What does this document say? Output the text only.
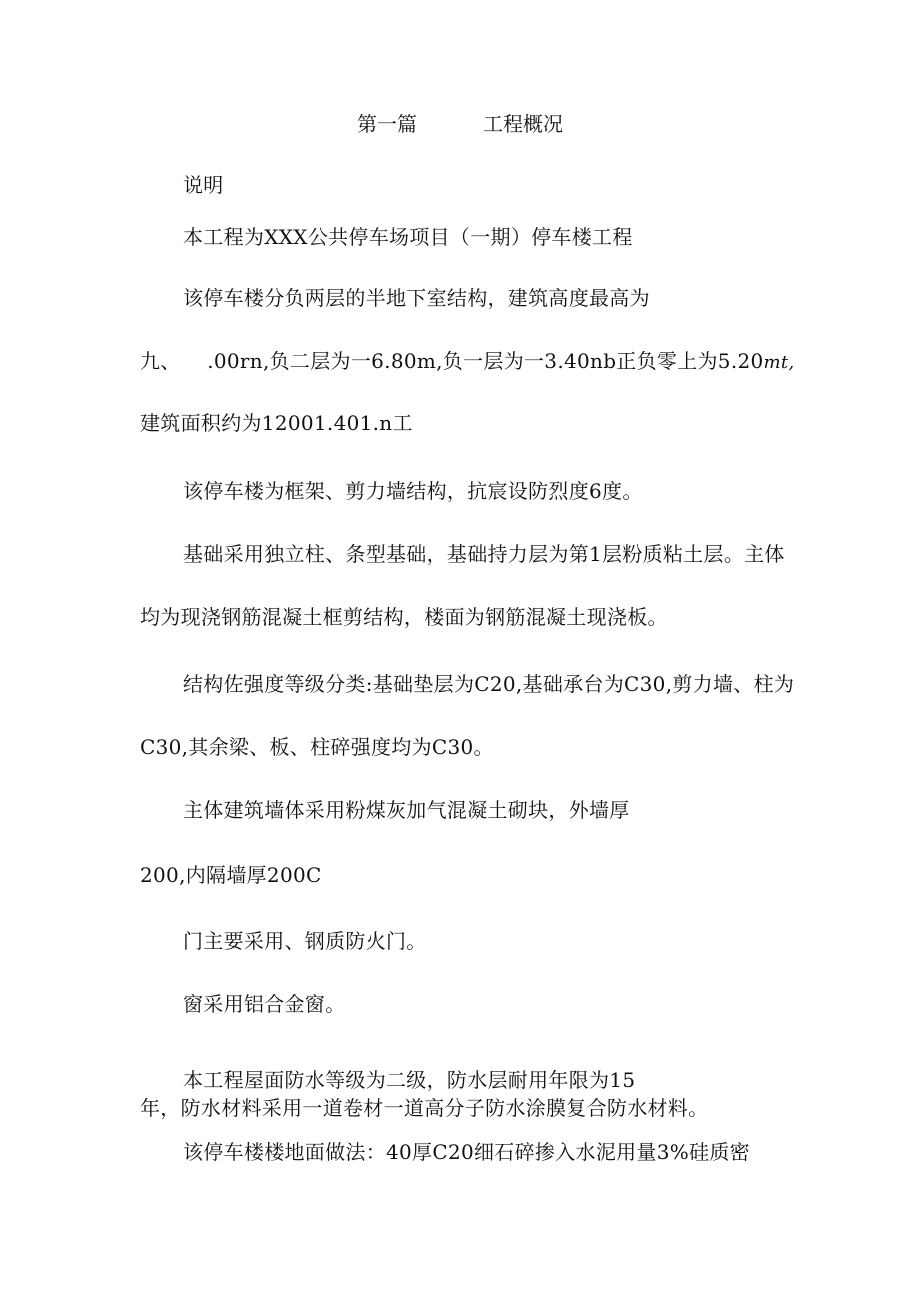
第一篇	工程概况
说明
本工程为XXX公共停车场项目（一期）停车楼工程
该停车楼分负两层的半地下室结构，建筑高度最高为
九、    .00rn,负二层为一6.80m,负一层为一3.40nb正负零上为5.20mt,
建筑面积约为12001.401.n工
该停车楼为框架、剪力墙结构，抗宸设防烈度6度。
基础采用独立柱、条型基础，基础持力层为第1层粉质粘土层。主体
均为现浇钢筋混凝土框剪结构，楼面为钢筋混凝土现浇板。
结构佐强度等级分类:基础垫层为C20,基础承台为C30,剪力墙、柱为
C30,其余梁、板、柱碎强度均为C30。
主体建筑墙体采用粉煤灰加气混凝土砌块，外墙厚
200,内隔墙厚200C
门主要采用、钢质防火门。
窗采用铝合金窗。
本工程屋面防水等级为二级，防水层耐用年限为15
年，防水材料采用一道卷材一道高分子防水涂膜复合防水材料。
该停车楼楼地面做法：40厚C20细石碎掺入水泥用量3%硅质密
